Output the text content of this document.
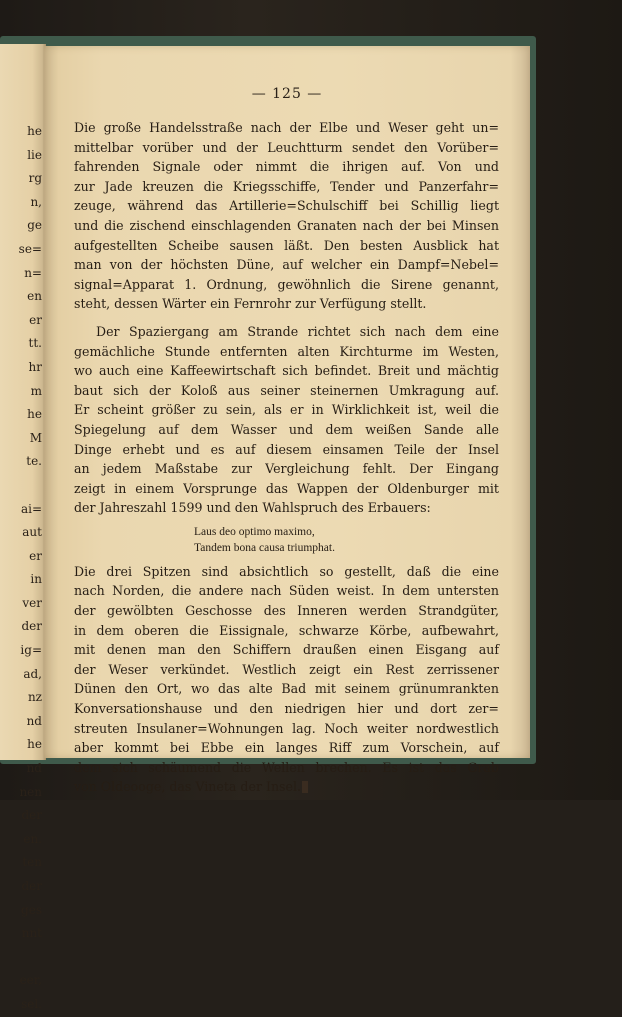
he
lie
rg
n,
ge
se=
n=
en
er
tt.
hr
m
he
M
te.
ai=
aut
er
in
ver
der
ig=
ad,
nz
nd
he
nd
nen
der
en.
ten
der
ges
nnt
eer,
sel.
— 125 —
Die große Handelsstraße nach der Elbe und Weser geht un=
mittelbar vorüber und der Leuchtturm sendet den Vorüber=
fahrenden Signale oder nimmt die ihrigen auf. Von und
zur Jade kreuzen die Kriegsschiffe, Tender und Panzerfahr=
zeuge, während das Artillerie=Schulschiff bei Schillig liegt
und die zischend einschlagenden Granaten nach der bei Minsen
aufgestellten Scheibe sausen läßt. Den besten Ausblick hat
man von der höchsten Düne, auf welcher ein Dampf=Nebel=
signal=Apparat 1. Ordnung, gewöhnlich die Sirene genannt,
steht, dessen Wärter ein Fernrohr zur Verfügung stellt.
Der Spaziergang am Strande richtet sich nach dem eine
gemächliche Stunde entfernten alten Kirchturme im Westen,
wo auch eine Kaffeewirtschaft sich befindet. Breit und mächtig
baut sich der Koloß aus seiner steinernen Umkragung auf.
Er scheint größer zu sein, als er in Wirklichkeit ist, weil die
Spiegelung auf dem Wasser und dem weißen Sande alle
Dinge erhebt und es auf diesem einsamen Teile der Insel
an jedem Maßstabe zur Vergleichung fehlt. Der Eingang
zeigt in einem Vorsprunge das Wappen der Oldenburger mit
der Jahreszahl 1599 und den Wahlspruch des Erbauers:
Laus deo optimo maximo,
Tandem bona causa triumphat.
Die drei Spitzen sind absichtlich so gestellt, daß die eine
nach Norden, die andere nach Süden weist. In dem untersten
der gewölbten Geschosse des Inneren werden Strandgüter,
in dem oberen die Eissignale, schwarze Körbe, aufbewahrt,
mit denen man den Schiffern draußen einen Eisgang auf
der Weser verkündet. Westlich zeigt ein Rest zerrissener
Dünen den Ort, wo das alte Bad mit seinem grünumrankten
Konversationshause und den niedrigen hier und dort zer=
streuten Insulaner=Wohnungen lag. Noch weiter nordwestlich
aber kommt bei Ebbe ein langes Riff zum Vorschein, auf
dem sich schäumend die Wellen brechen. Es ist das Grab
von Oldeooge, das Vineta der Insel.
